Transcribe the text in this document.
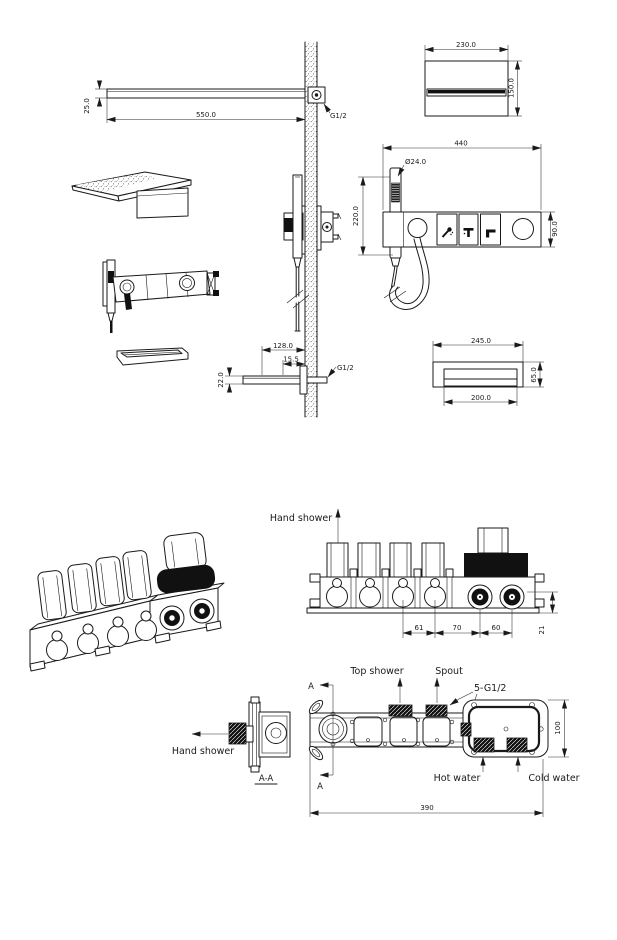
550.0
25.0
G1/2
230.0
150.0
440
Ø24.0
220.0
90.0
128.0
15.5
22.0
G1/2
245.0
65.0
200.0
Hand shower
61	70	60	21
Top shower	Spout
5-G1/2
Hot water	Cold water
A
A
390
100
Hand shower
A-A
